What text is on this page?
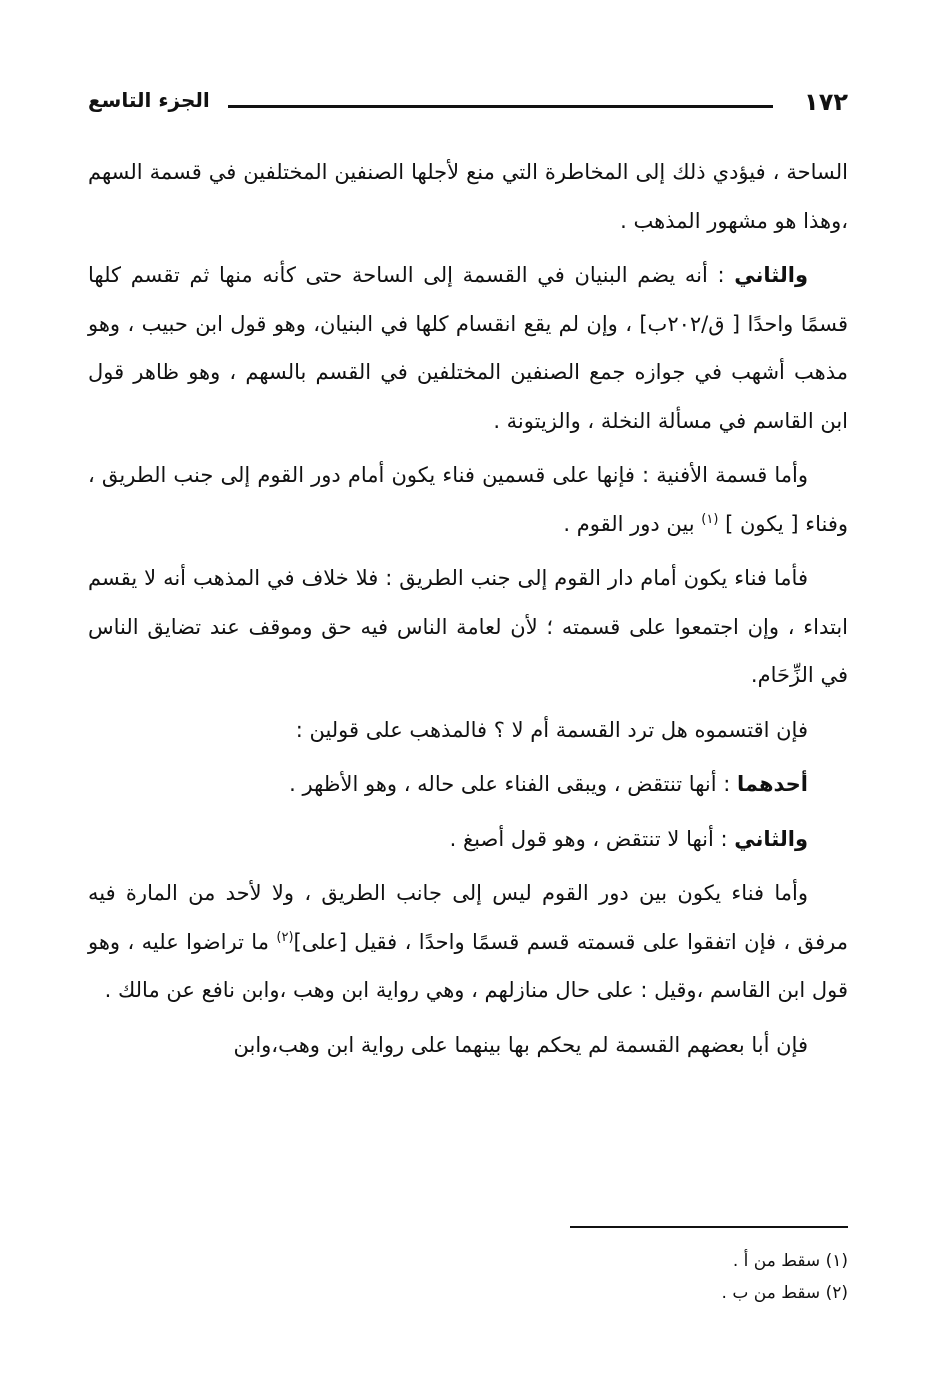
١٧٢
الجزء التاسع

الساحة ، فيؤدي ذلك إلى المخاطرة التي منع لأجلها الصنفين المختلفين في قسمة السهم ،وهذا هو مشهور المذهب .

والثاني : أنه يضم البنيان في القسمة إلى الساحة حتى كأنه منها ثم تقسم كلها قسمًا واحدًا [ ق/٢٠٢ب] ، وإن لم يقع انقسام كلها في البنيان، وهو قول ابن حبيب ، وهو مذهب أشهب في جوازه جمع الصنفين المختلفين في القسم بالسهم ، وهو ظاهر قول ابن القاسم في مسألة النخلة ، والزيتونة .

وأما قسمة الأفنية : فإنها على قسمين فناء يكون أمام دور القوم إلى جنب الطريق ، وفناء [ يكون ] $^{(١)}$ بين دور القوم .

فأما فناء يكون أمام دار القوم إلى جنب الطريق : فلا خلاف في المذهب أنه لا يقسم ابتداء ، وإن اجتمعوا على قسمته ؛ لأن لعامة الناس فيه حق وموقف عند تضايق الناس في الزِّحَام.

فإن اقتسموه هل ترد القسمة أم لا ؟ فالمذهب على قولين :

أحدهما : أنها تنتقض ، ويبقى الفناء على حاله ، وهو الأظهر .

والثاني : أنها لا تنتقض ، وهو قول أصبغ .

وأما فناء يكون بين دور القوم ليس إلى جانب الطريق ، ولا لأحد من المارة فيه مرفق ، فإن اتفقوا على قسمته قسم قسمًا واحدًا ، فقيل [على]$^{(٢)}$ ما تراضوا عليه ، وهو قول ابن القاسم ،وقيل : على حال منازلهم ، وهي رواية ابن وهب ،وابن نافع عن مالك .

فإن أبا بعضهم القسمة لم يحكم بها بينهما على رواية ابن وهب،وابن

(١) سقط من أ .

(٢) سقط من ب .
